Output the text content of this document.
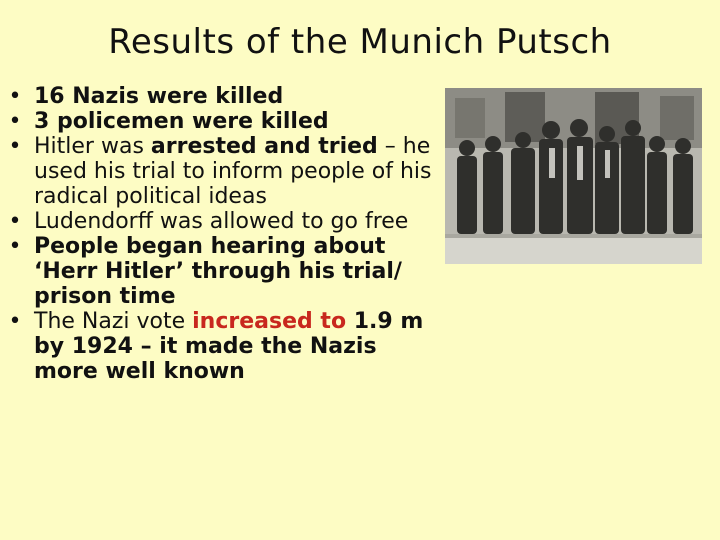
Results of the Munich Putsch
• 16 Nazis were killed
• 3 policemen were killed
• Hitler was arrested and tried – he used his trial to inform people of his radical political ideas
• Ludendorff was allowed to go free
• People began hearing about ‘Herr Hitler’ through his trial/ prison time
• The Nazi vote increased to 1.9 m by 1924 – it made the Nazis more well known
